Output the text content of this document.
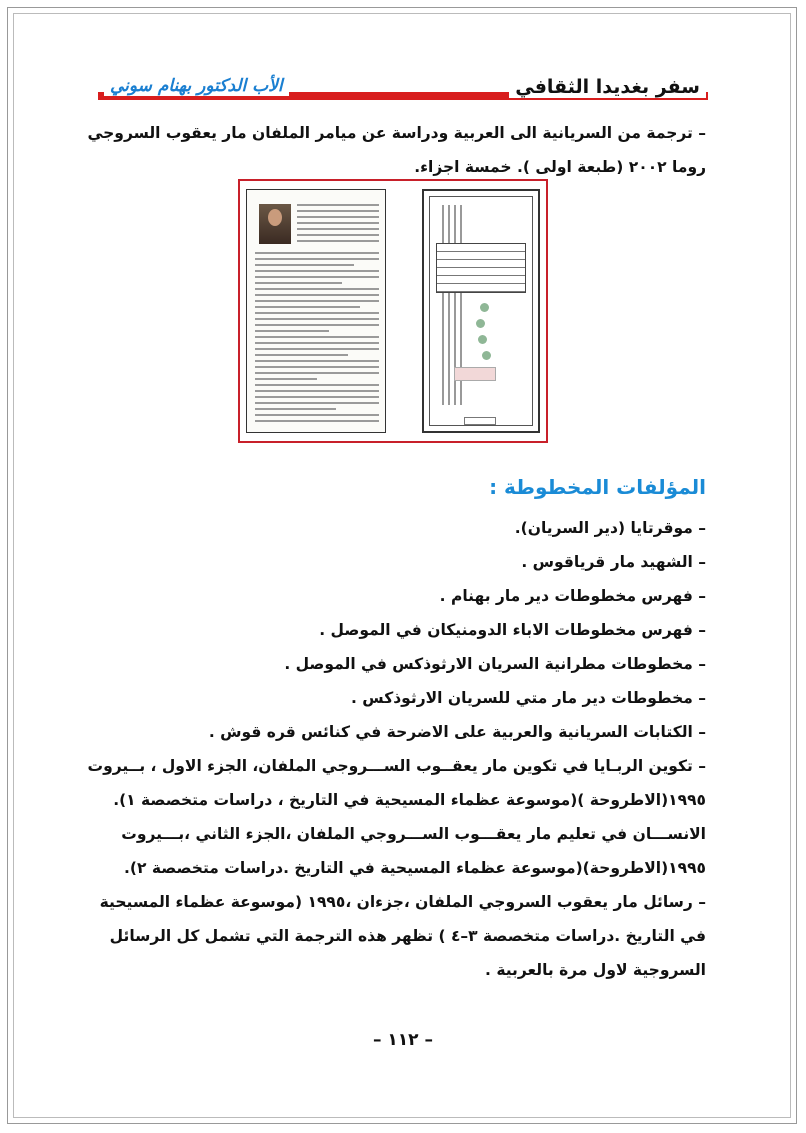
سفر بغديدا الثقافي
الأب الدكتور بهنام سوني

– ترجمة من السريانية الى العربية ودراسة عن ميامر الملفان مار يعقوب السروجي

روما ٢٠٠٢ (طبعة اولى ). خمسة اجزاء.

المؤلفات المخطوطة :

– موقرتايا (دير السريان).

– الشهيد مار قرياقوس .

– فهرس مخطوطات دير مار بهنام .

– فهرس مخطوطات الاباء الدومنيكان في الموصل .

– مخطوطات مطرانية السريان الارثوذكس في الموصل .

– مخطوطات دير مار متي للسريان الارثوذكس .

– الكتابات السريانية والعربية على الاضرحة في كنائس قره قوش .

– تكوين الربـايا في تكوين مار يعقــوب الســـروجي الملفان، الجزء الاول ، بــيروت

١٩٩٥(الاطروحة )(موسوعة عظماء المسيحية في التاريخ ، دراسات متخصصة ١).

الانســـان في تعليم مار يعقـــوب الســـروجي الملفان ،الجزء الثاني ،بـــيروت

١٩٩٥(الاطروحة)(موسوعة عظماء المسيحية في التاريخ .دراسات متخصصة ٢).

– رسائل مار يعقوب السروجي الملفان ،جزءان ،١٩٩٥ (موسوعة عظماء المسيحية

في التاريخ .دراسات متخصصة ٣–٤ ) تظهر هذه الترجمة التي تشمل كل الرسائل

السروجية لاول مرة بالعربية .

– ١١٢ –
